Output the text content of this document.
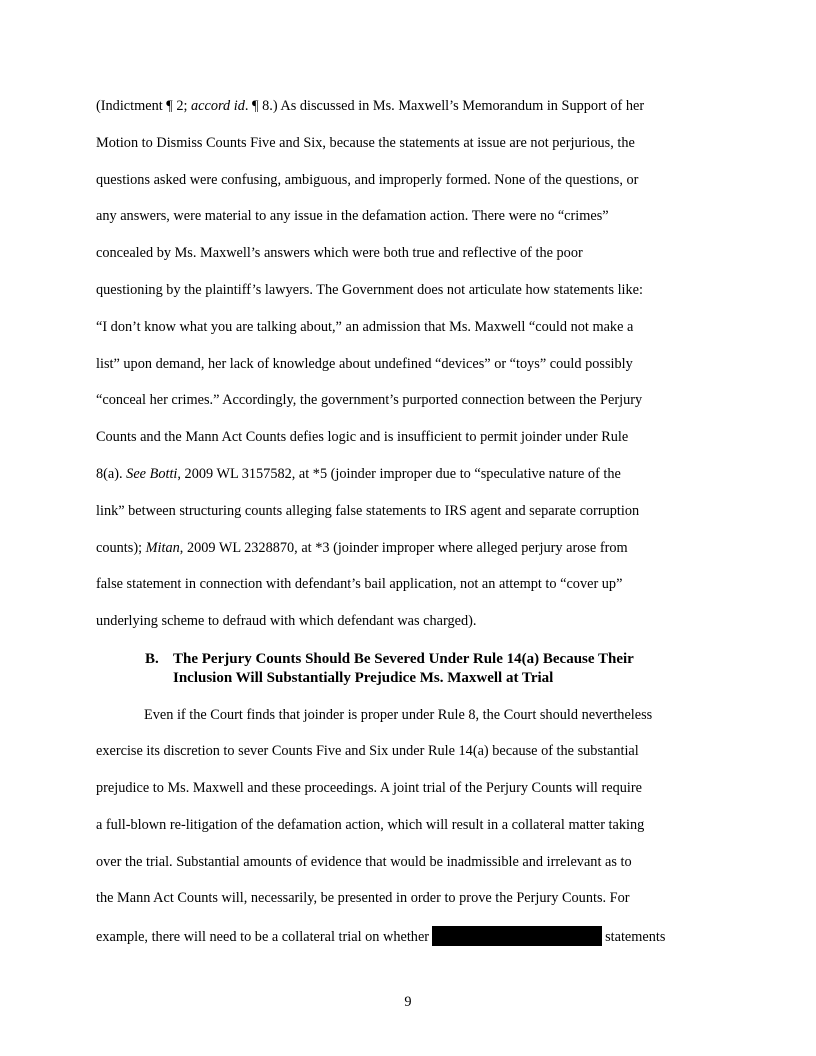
(Indictment ¶ 2; accord id. ¶ 8.) As discussed in Ms. Maxwell’s Memorandum in Support of her
Motion to Dismiss Counts Five and Six, because the statements at issue are not perjurious, the
questions asked were confusing, ambiguous, and improperly formed. None of the questions, or
any answers, were material to any issue in the defamation action. There were no “crimes”
concealed by Ms. Maxwell’s answers which were both true and reflective of the poor
questioning by the plaintiff’s lawyers. The Government does not articulate how statements like:
“I don’t know what you are talking about,” an admission that Ms. Maxwell “could not make a
list” upon demand, her lack of knowledge about undefined “devices” or “toys” could possibly
“conceal her crimes.” Accordingly, the government’s purported connection between the Perjury
Counts and the Mann Act Counts defies logic and is insufficient to permit joinder under Rule
8(a). See Botti, 2009 WL 3157582, at *5 (joinder improper due to “speculative nature of the
link” between structuring counts alleging false statements to IRS agent and separate corruption
counts); Mitan, 2009 WL 2328870, at *3 (joinder improper where alleged perjury arose from
false statement in connection with defendant’s bail application, not an attempt to “cover up”
underlying scheme to defraud with which defendant was charged).
B. The Perjury Counts Should Be Severed Under Rule 14(a) Because Their
Inclusion Will Substantially Prejudice Ms. Maxwell at Trial
Even if the Court finds that joinder is proper under Rule 8, the Court should nevertheless
exercise its discretion to sever Counts Five and Six under Rule 14(a) because of the substantial
prejudice to Ms. Maxwell and these proceedings. A joint trial of the Perjury Counts will require
a full-blown re-litigation of the defamation action, which will result in a collateral matter taking
over the trial. Substantial amounts of evidence that would be inadmissible and irrelevant as to
the Mann Act Counts will, necessarily, be presented in order to prove the Perjury Counts. For
example, there will need to be a collateral trial on whether	statements
9
